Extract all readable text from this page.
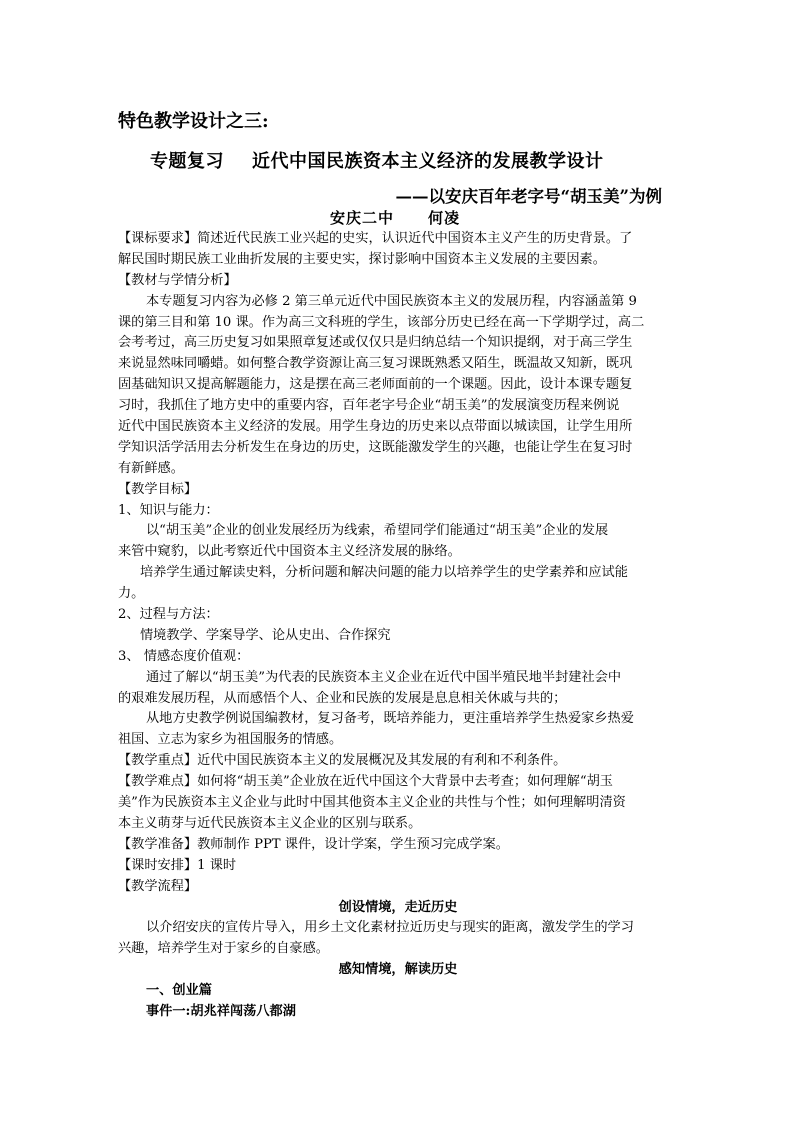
特色教学设计之三:
专题复习 近代中国民族资本主义经济的发展教学设计
——以安庆百年老字号“胡玉美”为例
安庆二中 何凌
【课标要求】简述近代民族工业兴起的史实，认识近代中国资本主义产生的历史背景。了
解民国时期民族工业曲折发展的主要史实，探讨影响中国资本主义发展的主要因素。
【教材与学情分析】
本专题复习内容为必修 2 第三单元近代中国民族资本主义的发展历程，内容涵盖第 9
课的第三目和第 10 课。作为高三文科班的学生，该部分历史已经在高一下学期学过，高二
会考考过，高三历史复习如果照章复述或仅仅只是归纳总结一个知识提纲，对于高三学生
来说显然味同嚼蜡。如何整合教学资源让高三复习课既熟悉又陌生，既温故又知新，既巩
固基础知识又提高解题能力，这是摆在高三老师面前的一个课题。因此，设计本课专题复
习时，我抓住了地方史中的重要内容，百年老字号企业“胡玉美”的发展演变历程来例说
近代中国民族资本主义经济的发展。用学生身边的历史来以点带面以城读国，让学生用所
学知识活学活用去分析发生在身边的历史，这既能激发学生的兴趣，也能让学生在复习时
有新鲜感。
【教学目标】
1、知识与能力：
以“胡玉美”企业的创业发展经历为线索，希望同学们能通过“胡玉美”企业的发展
来管中窥豹，以此考察近代中国资本主义经济发展的脉络。
培养学生通过解读史料，分析问题和解决问题的能力以培养学生的史学素养和应试能
力。
2、过程与方法：
情境教学、学案导学、论从史出、合作探究
3、 情感态度价值观：
通过了解以“胡玉美”为代表的民族资本主义企业在近代中国半殖民地半封建社会中
的艰难发展历程，从而感悟个人、企业和民族的发展是息息相关休戚与共的；
从地方史教学例说国编教材，复习备考，既培养能力，更注重培养学生热爱家乡热爱
祖国、立志为家乡为祖国服务的情感。
【教学重点】近代中国民族资本主义的发展概况及其发展的有利和不利条件。
【教学难点】如何将“胡玉美”企业放在近代中国这个大背景中去考查；如何理解“胡玉
美”作为民族资本主义企业与此时中国其他资本主义企业的共性与个性；如何理解明清资
本主义萌芽与近代民族资本主义企业的区别与联系。
【教学准备】教师制作 PPT 课件，设计学案，学生预习完成学案。
【课时安排】1 课时
【教学流程】
创设情境，走近历史
以介绍安庆的宣传片导入，用乡土文化素材拉近历史与现实的距离，激发学生的学习
兴趣，培养学生对于家乡的自豪感。
感知情境，解读历史
一、创业篇
事件一:胡兆祥闯荡八都湖
